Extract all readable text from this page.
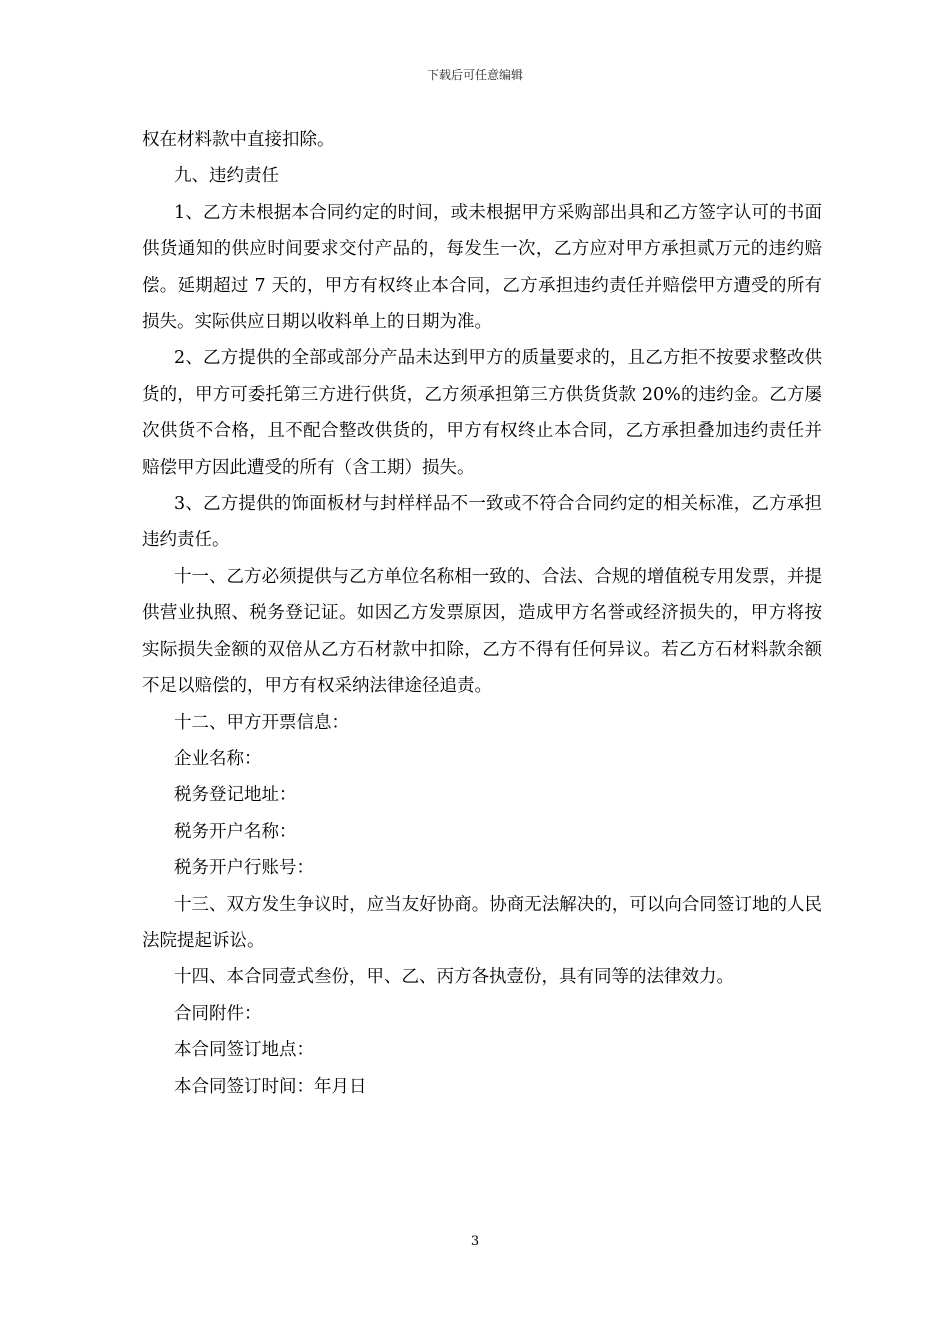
下载后可任意编辑

权在材料款中直接扣除。

九、违约责任

1、乙方未根据本合同约定的时间，或未根据甲方采购部出具和乙方签字认可的书面供货通知的供应时间要求交付产品的，每发生一次，乙方应对甲方承担贰万元的违约赔偿。延期超过 7 天的，甲方有权终止本合同，乙方承担违约责任并赔偿甲方遭受的所有损失。实际供应日期以收料单上的日期为准。

2、乙方提供的全部或部分产品未达到甲方的质量要求的，且乙方拒不按要求整改供货的，甲方可委托第三方进行供货，乙方须承担第三方供货货款 20%的违约金。乙方屡次供货不合格，且不配合整改供货的，甲方有权终止本合同，乙方承担叠加违约责任并赔偿甲方因此遭受的所有（含工期）损失。

3、乙方提供的饰面板材与封样样品不一致或不符合合同约定的相关标准，乙方承担违约责任。

十一、乙方必须提供与乙方单位名称相一致的、合法、合规的增值税专用发票，并提供营业执照、税务登记证。如因乙方发票原因，造成甲方名誉或经济损失的，甲方将按实际损失金额的双倍从乙方石材款中扣除，乙方不得有任何异议。若乙方石材料款余额不足以赔偿的，甲方有权采纳法律途径追责。

十二、甲方开票信息：

企业名称：

税务登记地址：

税务开户名称：

税务开户行账号：

十三、双方发生争议时，应当友好协商。协商无法解决的，可以向合同签订地的人民法院提起诉讼。

十四、本合同壹式叁份，甲、乙、丙方各执壹份，具有同等的法律效力。

合同附件：

本合同签订地点：

本合同签订时间：年月日

3
